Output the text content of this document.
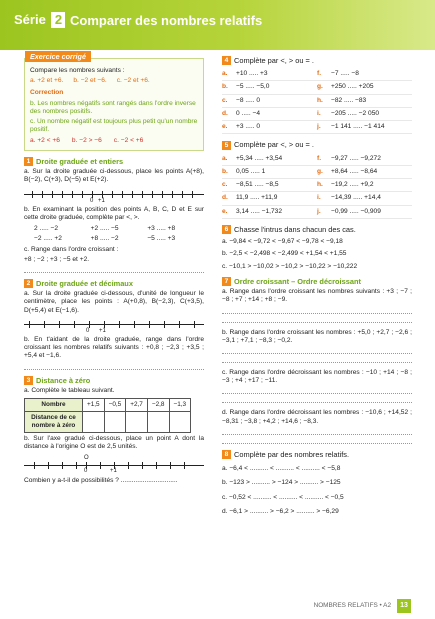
Série 2 Comparer des nombres relatifs
Exercice corrigé

Compare les nombres suivants :

a. +2 et +6. b. −2 et −6. c. −2 et +6.

Correction

b. Les nombres négatifs sont rangés dans l'ordre inverse des nombres positifs.

c. Un nombre négatif est toujours plus petit qu'un nombre positif.

a. +2 < +6 b. −2 > −6 c. −2 < +6

1 Droite graduée et entiers

a. Sur la droite graduée ci-dessous, place les points A(+8), B(−2), C(+3), D(−5) et E(+2).

0 +1

b. En examinant la position des points A, B, C, D et E sur cette droite graduée, complète par <, >.

2 ..... −2	+2 ..... −5	+3 ..... +8
−2 ..... +2	+8 ..... −2	−5 ..... +3

c. Range dans l'ordre croissant :

+8 ; −2 ; +3 ; −5 et +2.

2 Droite graduée et décimaux

a. Sur la droite graduée ci-dessous, d'unité de longueur le centimètre, place les points : A(+0,8), B(−2,3), C(+3,5), D(+5,4) et E(−1,6).

0 +1

b. En t'aidant de la droite graduée, range dans l'ordre croissant les nombres relatifs suivants : +0,8 ; −2,3 ; +3,5 ; +5,4 et −1,6.

3 Distance à zéro

a. Complète le tableau suivant.

Nombre	+1,5	−0,5	+2,7	−2,8	−1,3
Distance de ce nombre à zéro					

b. Sur l'axe gradué ci-dessous, place un point A dont la distance à l'origine O est de 2,5 unités.

O
0	+1

Combien y a-t-il de possibilités ? ...............................

4 Complète par <, > ou = .
a. +10 ..... +3	f. −7 ..... −8
b. −5 ..... −5,0	g. +250 ..... +205
c. −8 ..... 0	h. −82 ..... −83
d. 0 ..... −4	i. −205 ..... −2 050
e. +3 ..... 0	j. −1 141 ..... −1 414
5 Complète par <, > ou = .
a. +5,34 ..... +3,54	f. −9,27 ..... −9,272
b. 0,05 ..... 1	g. +8,64 ..... −8,64
c. −8,51 ..... −8,5	h. −19,2 ..... +9,2
d. 11,9 ..... +11,9	i. −14,39 ..... +14,4
e. 3,14 ..... −1,732	j. −0,99 ..... −0,909
6 Chasse l'intrus dans chacun des cas.

a. −9,84 < −9,72 < −9,67 < −9,78 < −9,18

b. −2,5 < −2,498 < −2,499 < +1,54 < +1,55

c. −10,1 > −10,02 > −10,2 > −10,22 > −10,222

7 Ordre croissant – Ordre décroissant

a. Range dans l'ordre croissant les nombres suivants : +3 ; −7 ; −8 ; +7 ; +14 ; +8 ; −9.

b. Range dans l'ordre croissant les nombres : +5,0 ; +2,7 ; −2,6 ; −3,1 ; +7,1 ; −8,3 ; −0,2.

c. Range dans l'ordre décroissant les nombres : −10 ; +14 ; −8 ; −3 ; +4 ; +17 ; −11.

d. Range dans l'ordre décroissant les nombres : −10,6 ; +14,52 ; −8,31 ; −3,8 ; +4,2 ; +14,6 ; −8,3.

8 Complète par des nombres relatifs.

a. −6,4 < .......... < .......... < .......... < −5,8

b. −123 > .......... > −124 > .......... > −125

c. −0,52 < .......... < .......... < .......... < −0,5

d. −6,1 > .......... > −6,2 > .......... > −6,29

NOMBRES RELATIFS • A2	13
